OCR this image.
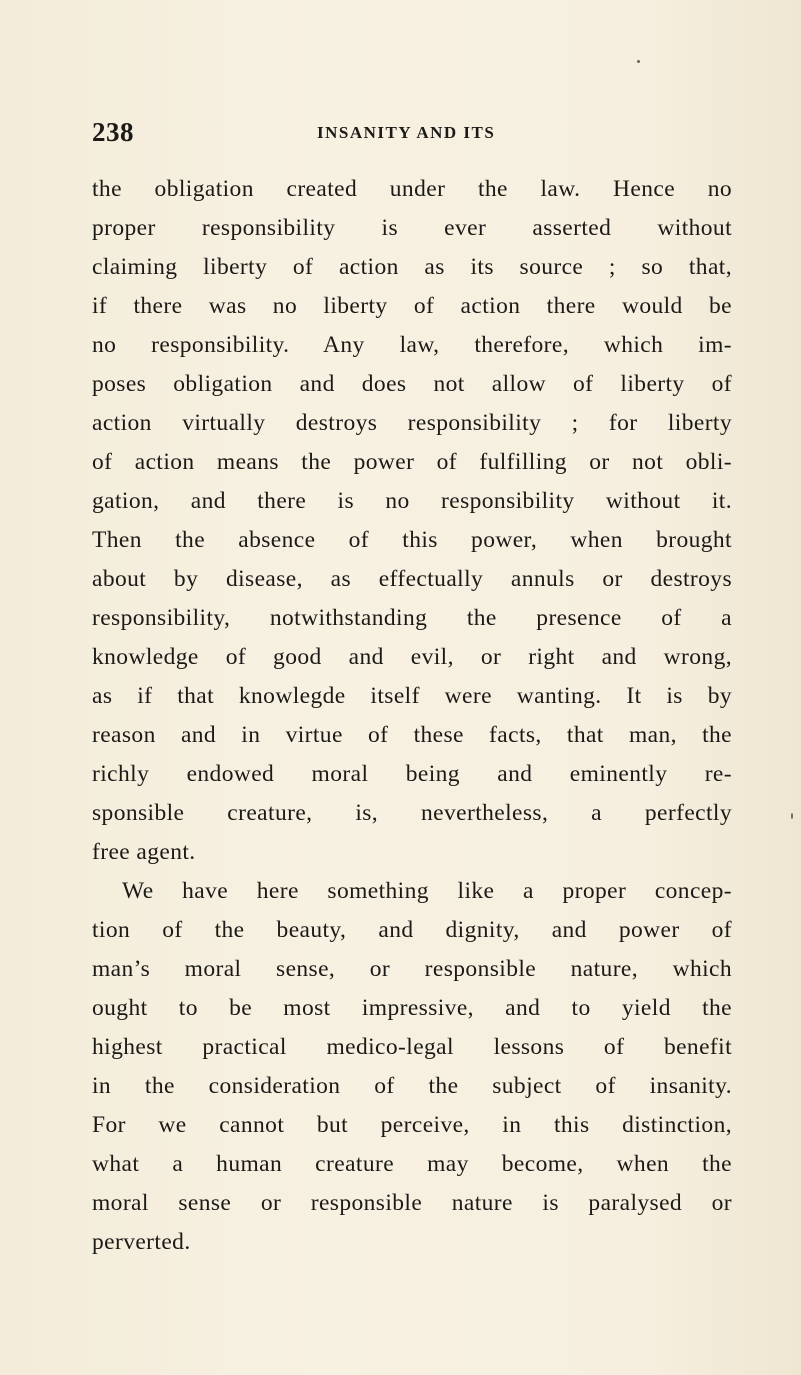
238	INSANITY AND ITS
the obligation created under the law. Hence no
proper responsibility is ever asserted without
claiming liberty of action as its source ; so that,
if there was no liberty of action there would be
no responsibility. Any law, therefore, which im-
poses obligation and does not allow of liberty of
action virtually destroys responsibility ; for liberty
of action means the power of fulfilling or not obli-
gation, and there is no responsibility without it.
Then the absence of this power, when brought
about by disease, as effectually annuls or destroys
responsibility, notwithstanding the presence of a
knowledge of good and evil, or right and wrong,
as if that knowlegde itself were wanting. It is by
reason and in virtue of these facts, that man, the
richly endowed moral being and eminently re-
sponsible creature, is, nevertheless, a perfectly
free agent.
We have here something like a proper concep-
tion of the beauty, and dignity, and power of
man’s moral sense, or responsible nature, which
ought to be most impressive, and to yield the
highest practical medico-legal lessons of benefit
in the consideration of the subject of insanity.
For we cannot but perceive, in this distinction,
what a human creature may become, when the
moral sense or responsible nature is paralysed or
perverted.
